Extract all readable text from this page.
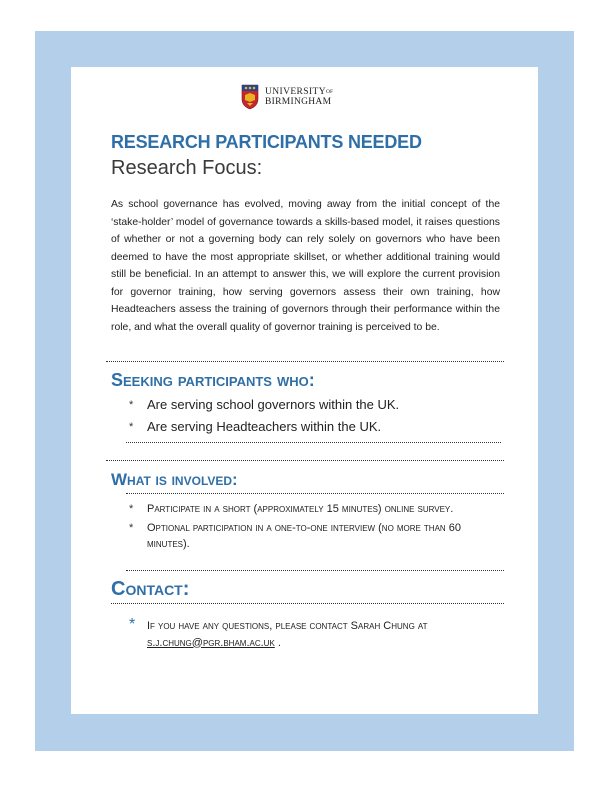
$UNIVERSITY^{OF}$
BIRMINGHAM
RESEARCH PARTICIPANTS NEEDED
Research Focus:

As school governance has evolved, moving away from the initial concept of the ‘stake-holder’ model of governance towards a skills-based model, it raises questions of whether or not a governing body can rely solely on governors who have been deemed to have the most appropriate skillset, or whether additional training would still be beneficial. In an attempt to answer this, we will explore the current provision for governor training, how serving governors assess their own training, how Headteachers assess the training of governors through their performance within the role, and what the overall quality of governor training is perceived to be.

Seeking participants who:
*	Are serving school governors within the UK.
*	Are serving Headteachers within the UK.
What is involved:
*	Participate in a short (approximately 15 minutes) online survey.
*	Optional participation in a one-to-one interview (no more than 60 minutes).
Contact:
*	If you have any questions, please contact Sarah Chung at s.j.chung@pgr.bham.ac.uk .
